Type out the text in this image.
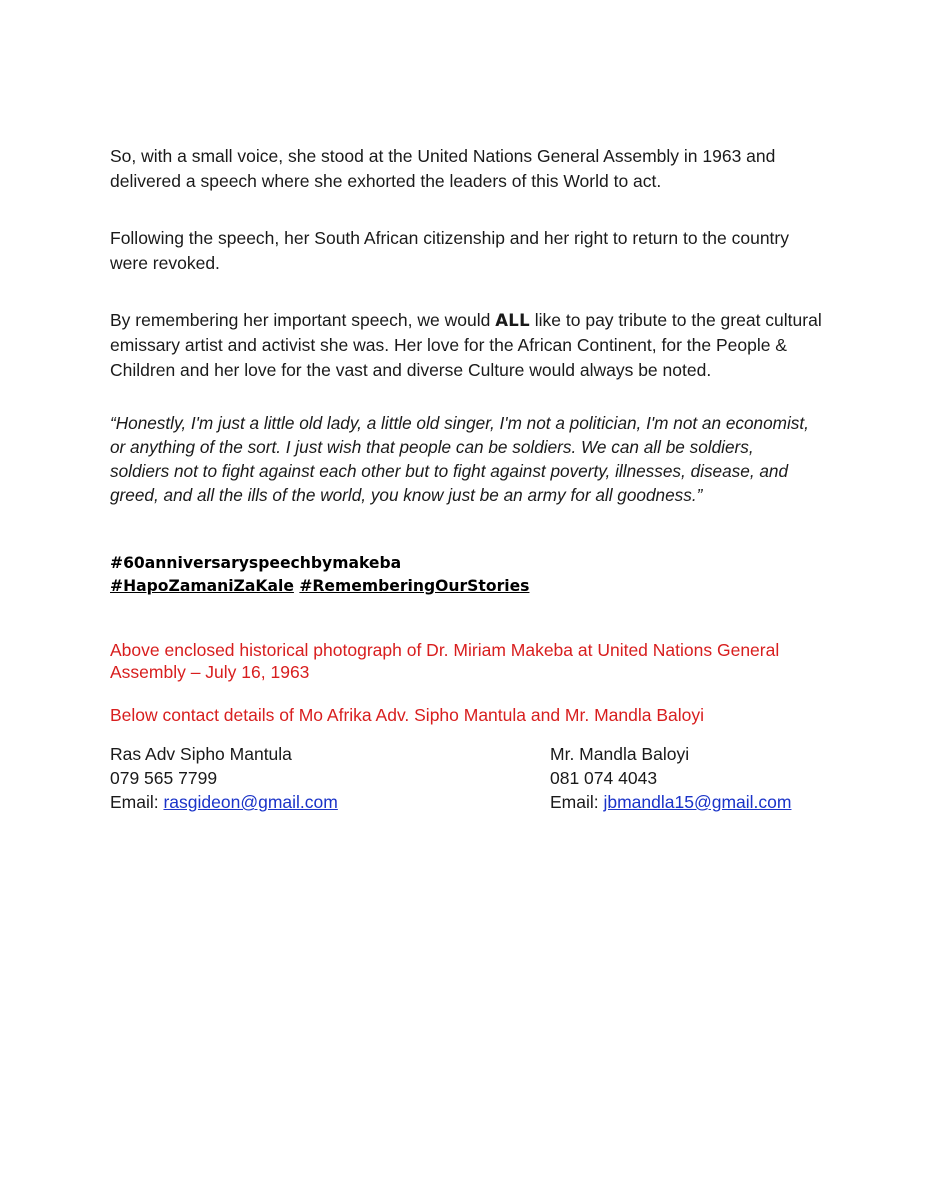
So, with a small voice, she stood at the United Nations General Assembly in 1963 and delivered a speech where she exhorted the leaders of this World to act.

Following the speech, her South African citizenship and her right to return to the country were revoked.

By remembering her important speech, we would ALL like to pay tribute to the great cultural emissary artist and activist she was. Her love for the African Continent, for the People & Children and her love for the vast and diverse Culture would always be noted.

“Honestly, I'm just a little old lady, a little old singer, I'm not a politician, I'm not an economist, or anything of the sort. I just wish that people can be soldiers. We can all be soldiers, soldiers not to fight against each other but to fight against poverty, illnesses, disease, and greed, and all the ills of the world, you know just be an army for all goodness.”

#60anniversaryspeechbymakeba
#HapoZamaniZaKale #RememberingOurStories

Above enclosed historical photograph of Dr. Miriam Makeba at United Nations General Assembly – July 16, 1963

Below contact details of Mo Afrika Adv. Sipho Mantula and Mr. Mandla Baloyi

Ras Adv Sipho Mantula
079 565 7799
Email: rasgideon@gmail.com
Mr. Mandla Baloyi
081 074 4043
Email: jbmandla15@gmail.com
